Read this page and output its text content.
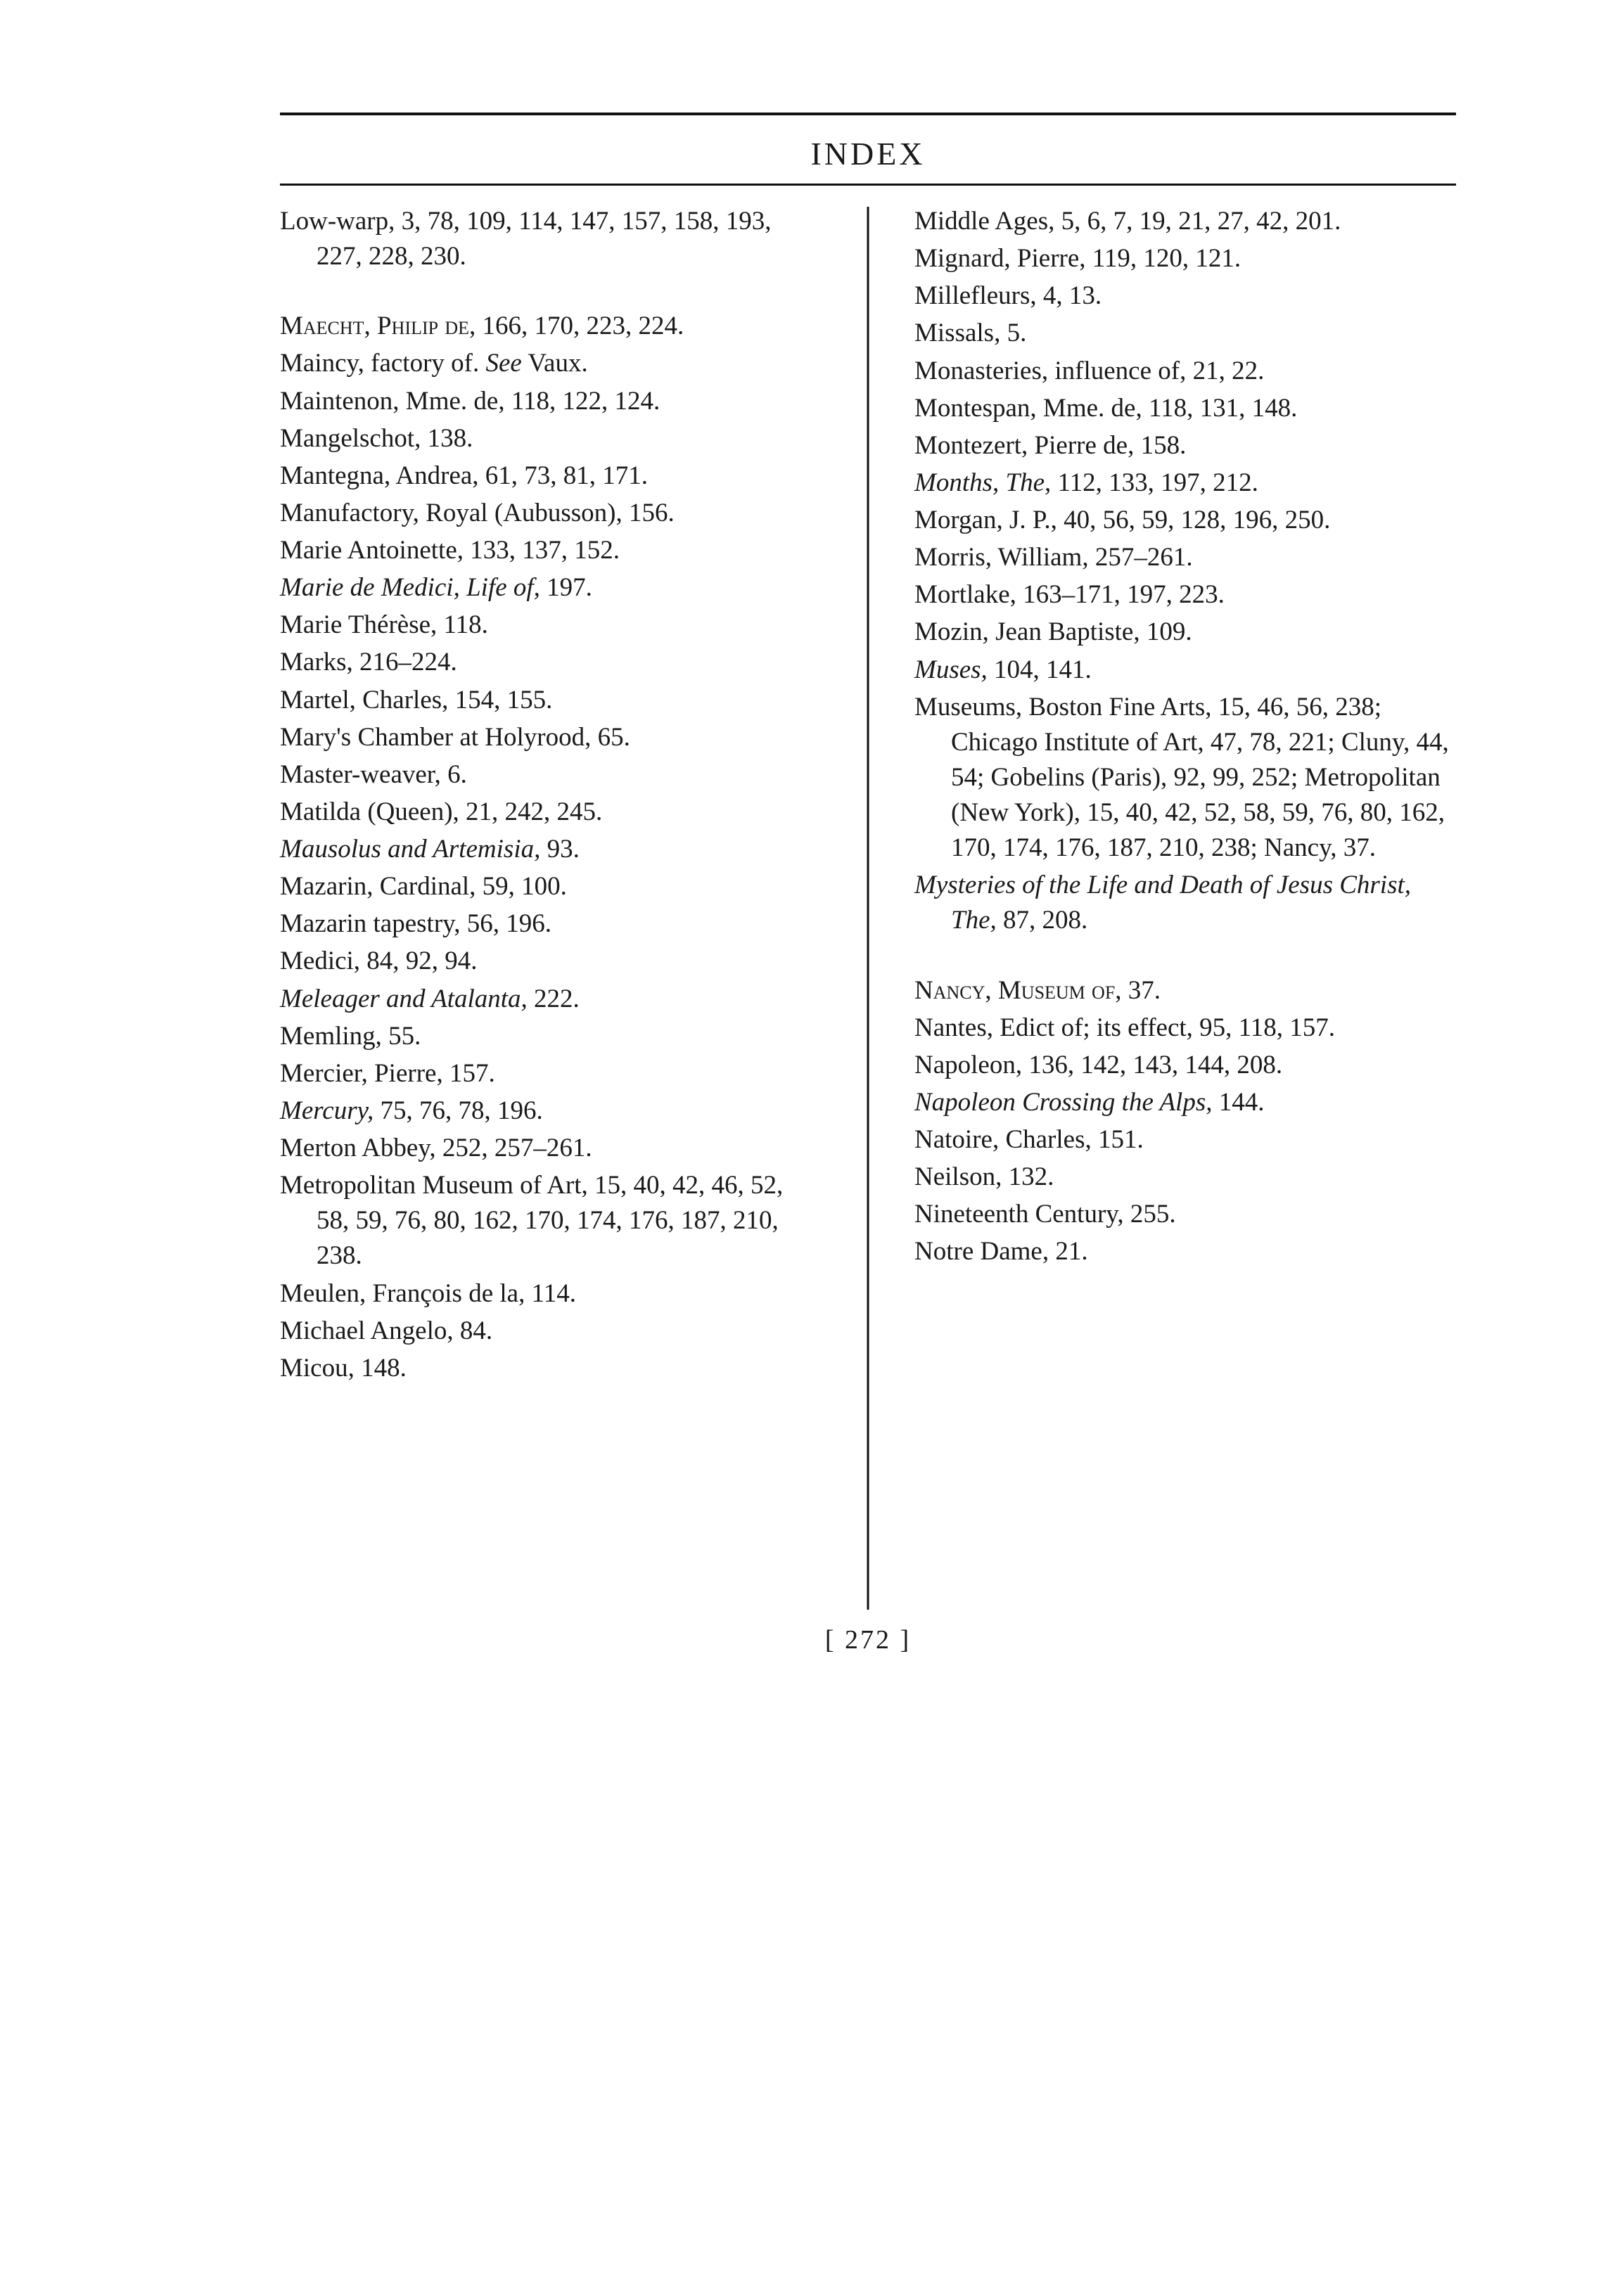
INDEX
Low-warp, 3, 78, 109, 114, 147, 157, 158, 193, 227, 228, 230.
Maecht, Philip de, 166, 170, 223, 224.
Maincy, factory of. See Vaux.
Maintenon, Mme. de, 118, 122, 124.
Mangelschot, 138.
Mantegna, Andrea, 61, 73, 81, 171.
Manufactory, Royal (Aubusson), 156.
Marie Antoinette, 133, 137, 152.
Marie de Medici, Life of, 197.
Marie Thérèse, 118.
Marks, 216–224.
Martel, Charles, 154, 155.
Mary's Chamber at Holyrood, 65.
Master-weaver, 6.
Matilda (Queen), 21, 242, 245.
Mausolus and Artemisia, 93.
Mazarin, Cardinal, 59, 100.
Mazarin tapestry, 56, 196.
Medici, 84, 92, 94.
Meleager and Atalanta, 222.
Memling, 55.
Mercier, Pierre, 157.
Mercury, 75, 76, 78, 196.
Merton Abbey, 252, 257–261.
Metropolitan Museum of Art, 15, 40, 42, 46, 52, 58, 59, 76, 80, 162, 170, 174, 176, 187, 210, 238.
Meulen, François de la, 114.
Michael Angelo, 84.
Micou, 148.
Middle Ages, 5, 6, 7, 19, 21, 27, 42, 201.
Mignard, Pierre, 119, 120, 121.
Millefleurs, 4, 13.
Missals, 5.
Monasteries, influence of, 21, 22.
Montespan, Mme. de, 118, 131, 148.
Montezert, Pierre de, 158.
Months, The, 112, 133, 197, 212.
Morgan, J. P., 40, 56, 59, 128, 196, 250.
Morris, William, 257–261.
Mortlake, 163–171, 197, 223.
Mozin, Jean Baptiste, 109.
Muses, 104, 141.
Museums, Boston Fine Arts, 15, 46, 56, 238; Chicago Institute of Art, 47, 78, 221; Cluny, 44, 54; Gobelins (Paris), 92, 99, 252; Metropolitan (New York), 15, 40, 42, 52, 58, 59, 76, 80, 162, 170, 174, 176, 187, 210, 238; Nancy, 37.
Mysteries of the Life and Death of Jesus Christ, The, 87, 208.
Nancy, Museum of, 37.
Nantes, Edict of; its effect, 95, 118, 157.
Napoleon, 136, 142, 143, 144, 208.
Napoleon Crossing the Alps, 144.
Natoire, Charles, 151.
Neilson, 132.
Nineteenth Century, 255.
Notre Dame, 21.
[ 272 ]
